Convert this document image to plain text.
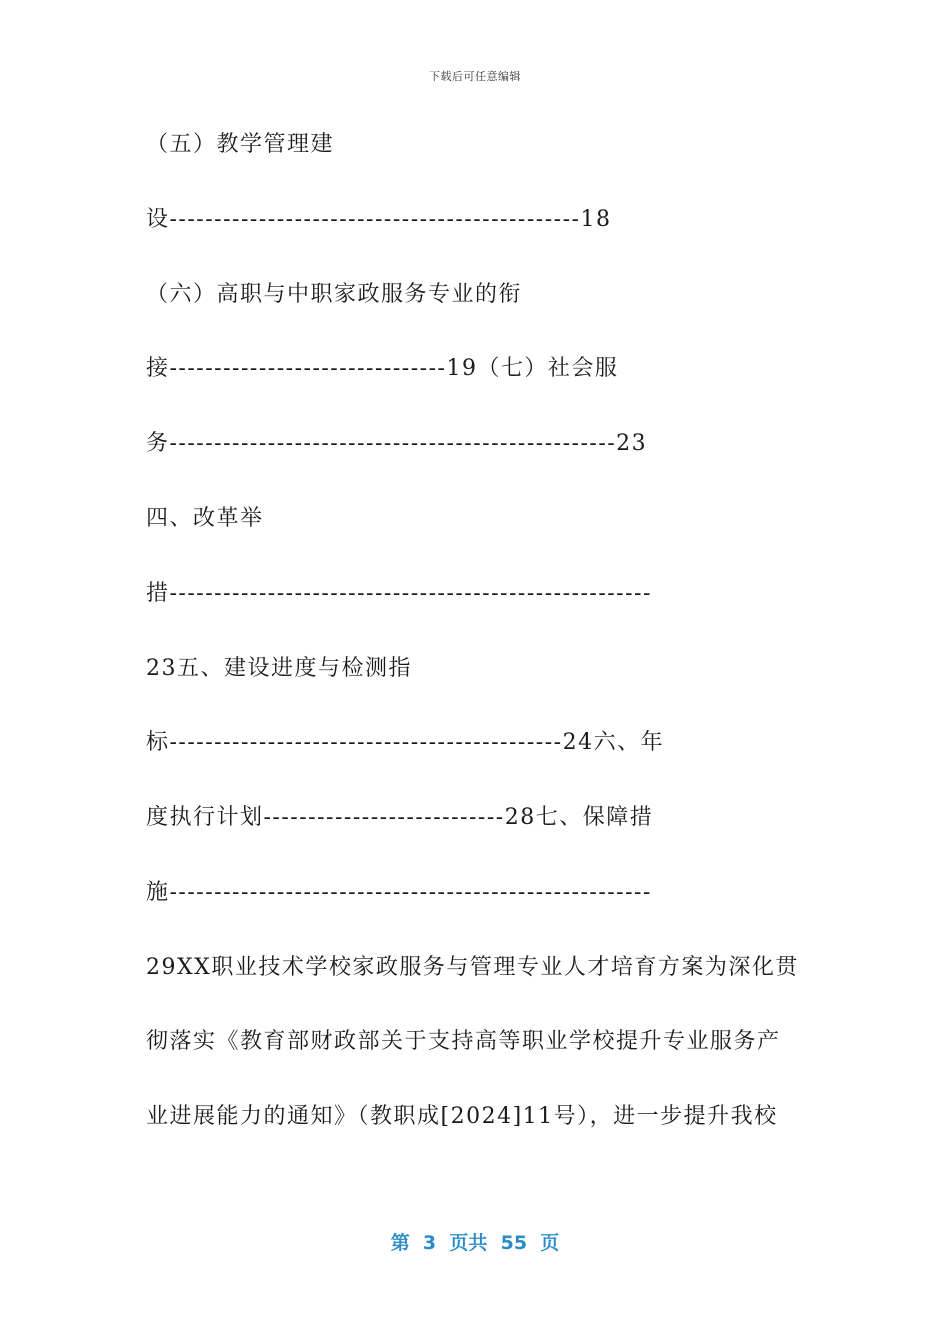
下载后可任意编辑
（五）教学管理建
设----------------------------------------------18
（六）高职与中职家政服务专业的衔
接-------------------------------19（七）社会服
务--------------------------------------------------23
四、改革举
措------------------------------------------------------
23五、建设进度与检测指
标--------------------------------------------24六、年
度执行计划---------------------------28七、保障措
施------------------------------------------------------
29XX职业技术学校家政服务与管理专业人才培育方案为深化贯
彻落实《教育部财政部关于支持高等职业学校提升专业服务产
业进展能力的通知》（教职成[2024]11号），进一步提升我校
第  3  页共  55  页
